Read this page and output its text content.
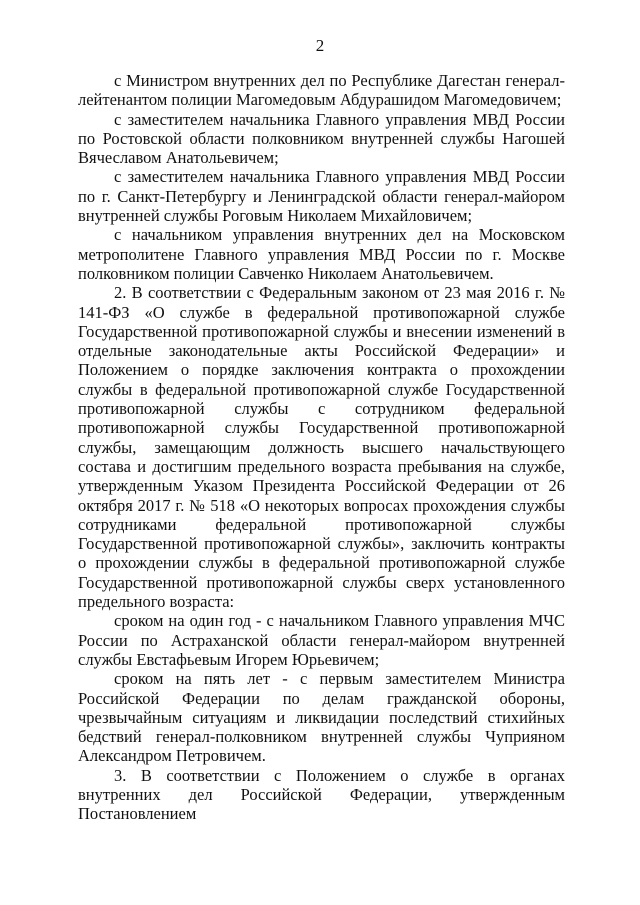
2

с Министром внутренних дел по Республике Дагестан генерал-лейтенантом полиции Магомедовым Абдурашидом Магомедовичем;

с заместителем начальника Главного управления МВД России по Ростовской области полковником внутренней службы Нагошей Вячеславом Анатольевичем;

с заместителем начальника Главного управления МВД России по г. Санкт-Петербургу и Ленинградской области генерал-майором внутренней службы Роговым Николаем Михайловичем;

с начальником управления внутренних дел на Московском метрополитене Главного управления МВД России по г. Москве полковником полиции Савченко Николаем Анатольевичем.

2. В соответствии с Федеральным законом от 23 мая 2016 г. № 141-ФЗ «О службе в федеральной противопожарной службе Государственной противопожарной службы и внесении изменений в отдельные законодательные акты Российской Федерации» и Положением о порядке заключения контракта о прохождении службы в федеральной противопожарной службе Государственной противопожарной службы с сотрудником федеральной противопожарной службы Государственной противопожарной службы, замещающим должность высшего начальствующего состава и достигшим предельного возраста пребывания на службе, утвержденным Указом Президента Российской Федерации от 26 октября 2017 г. № 518 «О некоторых вопросах прохождения службы сотрудниками федеральной противопожарной службы Государственной противопожарной службы», заключить контракты о прохождении службы в федеральной противопожарной службе Государственной противопожарной службы сверх установленного предельного возраста:

сроком на один год - с начальником Главного управления МЧС России по Астраханской области генерал-майором внутренней службы Евстафьевым Игорем Юрьевичем;

сроком на пять лет - с первым заместителем Министра Российской Федерации по делам гражданской обороны, чрезвычайным ситуациям и ликвидации последствий стихийных бедствий генерал-полковником внутренней службы Чуприяном Александром Петровичем.

3. В соответствии с Положением о службе в органах внутренних дел Российской Федерации, утвержденным Постановлением
